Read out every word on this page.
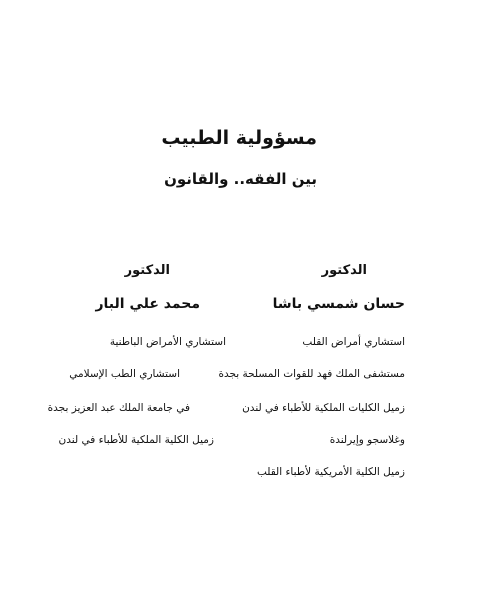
مسؤولية الطبيب
بين الفقه.. والقانون
الدكتور
حسان شمسي باشا
استشاري أمراض القلب
مستشفى الملك فهد للقوات المسلحة بجدة
زميل الكليات الملكية للأطباء في لندن
وغلاسجو وإيرلندة
زميل الكلية الأمريكية لأطباء القلب
الدكتور
محمد علي البار
استشاري الأمراض الباطنية
استشاري الطب الإسلامي
في جامعة الملك عبد العزيز بجدة
زميل الكلية الملكية للأطباء في لندن
